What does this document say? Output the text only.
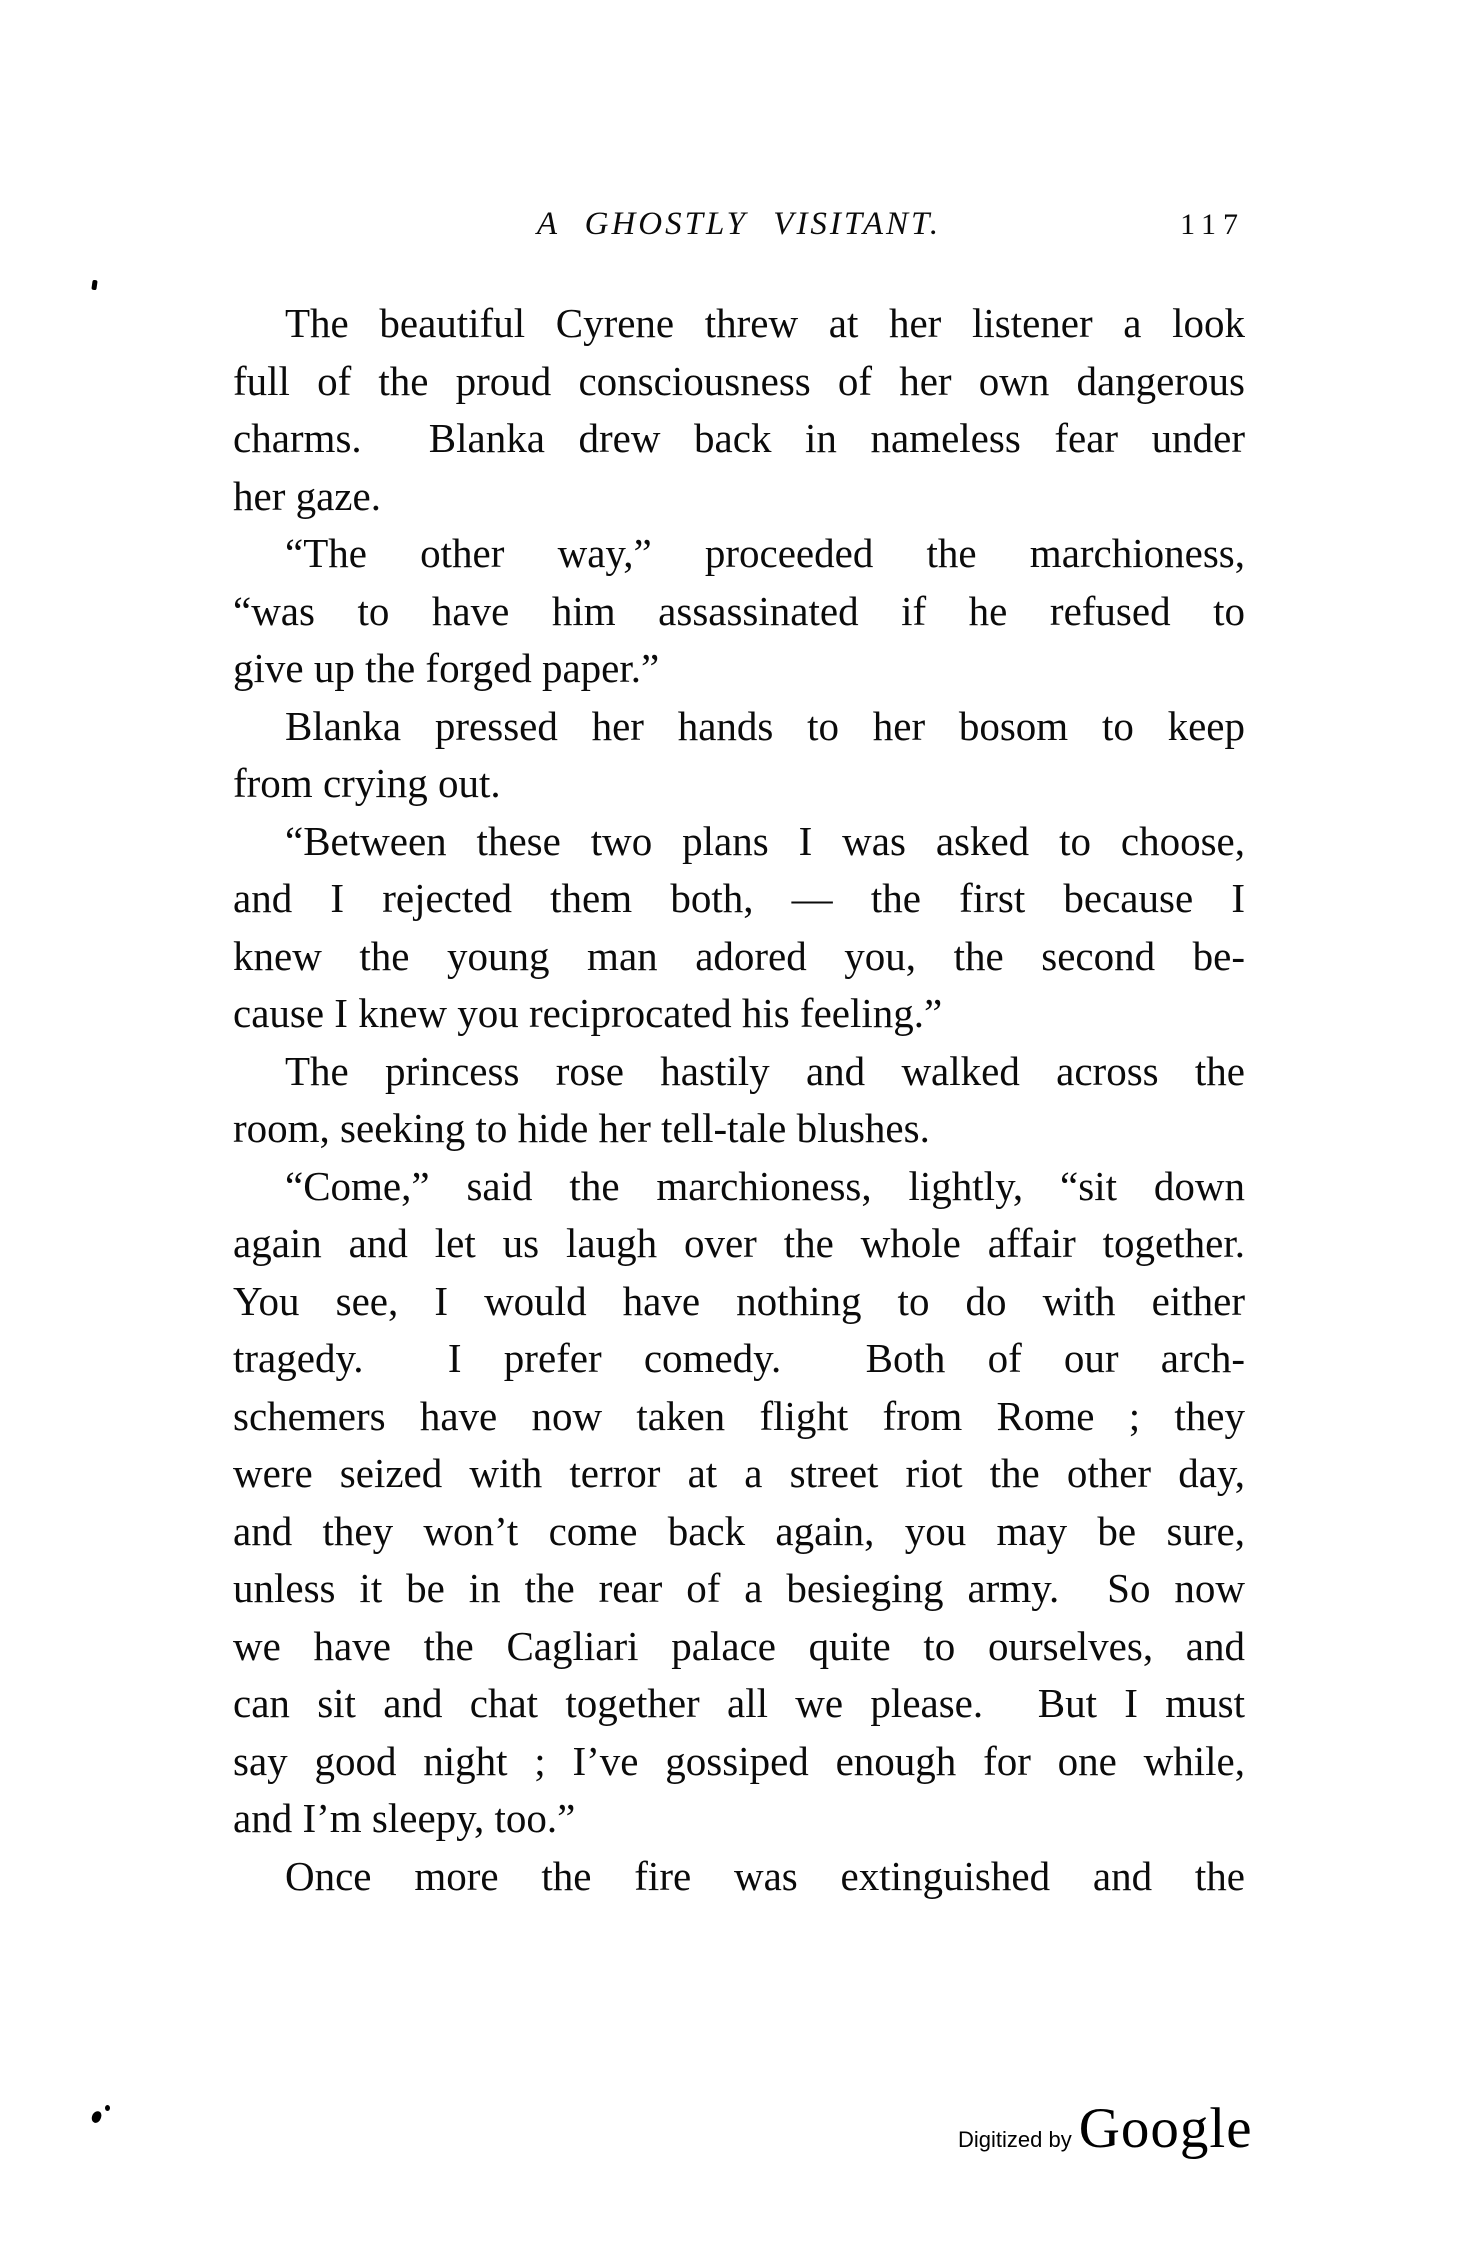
A GHOSTLY VISITANT.	117
The beautiful Cyrene threw at her listener a look
full of the proud consciousness of her own dangerous
charms.  Blanka drew back in nameless fear under
her gaze.
“The other way,” proceeded the marchioness,
“was to have him assassinated if he refused to
give up the forged paper.”
Blanka pressed her hands to her bosom to keep
from crying out.
“Between these two plans I was asked to choose,
and I rejected them both, — the first because I
knew the young man adored you, the second be-
cause I knew you reciprocated his feeling.”
The princess rose hastily and walked across the
room, seeking to hide her tell-tale blushes.
“Come,” said the marchioness, lightly, “sit down
again and let us laugh over the whole affair together.
You see, I would have nothing to do with either
tragedy.  I prefer comedy.  Both of our arch-
schemers have now taken flight from Rome ; they
were seized with terror at a street riot the other day,
and they won’t come back again, you may be sure,
unless it be in the rear of a besieging army.  So now
we have the Cagliari palace quite to ourselves, and
can sit and chat together all we please.  But I must
say good night ; I’ve gossiped enough for one while,
and I’m sleepy, too.”
Once more the fire was extinguished and the
Digitized by Google
